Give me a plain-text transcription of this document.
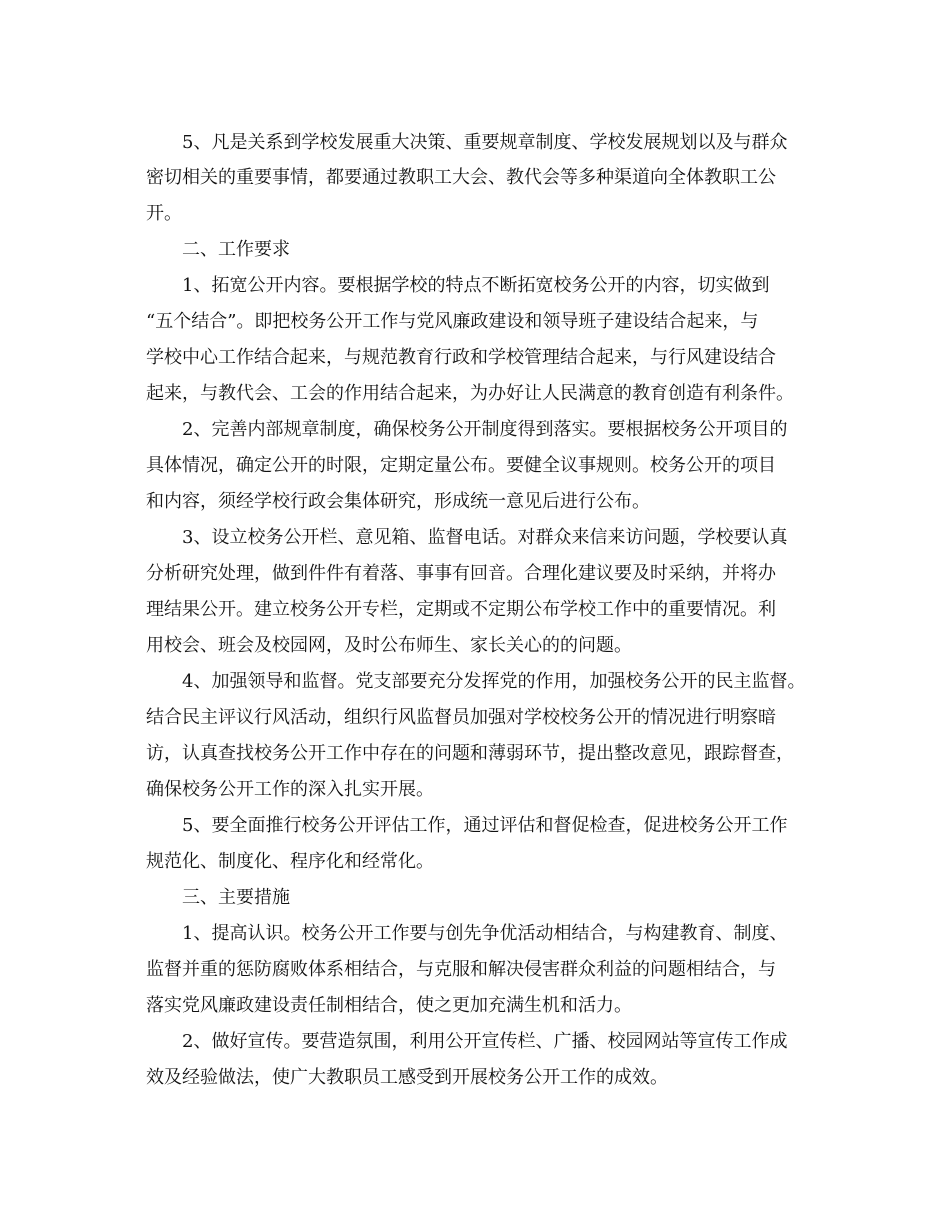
5、凡是关系到学校发展重大决策、重要规章制度、学校发展规划以及与群众
密切相关的重要事情，都要通过教职工大会、教代会等多种渠道向全体教职工公
开。
二、工作要求
1、拓宽公开内容。要根据学校的特点不断拓宽校务公开的内容，切实做到
“五个结合”。即把校务公开工作与党风廉政建设和领导班子建设结合起来，与
学校中心工作结合起来，与规范教育行政和学校管理结合起来，与行风建设结合
起来，与教代会、工会的作用结合起来，为办好让人民满意的教育创造有利条件。
2、完善内部规章制度，确保校务公开制度得到落实。要根据校务公开项目的
具体情况，确定公开的时限，定期定量公布。要健全议事规则。校务公开的项目
和内容，须经学校行政会集体研究，形成统一意见后进行公布。
3、设立校务公开栏、意见箱、监督电话。对群众来信来访问题，学校要认真
分析研究处理，做到件件有着落、事事有回音。合理化建议要及时采纳，并将办
理结果公开。建立校务公开专栏，定期或不定期公布学校工作中的重要情况。利
用校会、班会及校园网，及时公布师生、家长关心的的问题。
4、加强领导和监督。党支部要充分发挥党的作用，加强校务公开的民主监督。
结合民主评议行风活动，组织行风监督员加强对学校校务公开的情况进行明察暗
访，认真查找校务公开工作中存在的问题和薄弱环节，提出整改意见，跟踪督查，
确保校务公开工作的深入扎实开展。
5、要全面推行校务公开评估工作，通过评估和督促检查，促进校务公开工作
规范化、制度化、程序化和经常化。
三、主要措施
1、提高认识。校务公开工作要与创先争优活动相结合，与构建教育、制度、
监督并重的惩防腐败体系相结合，与克服和解决侵害群众利益的问题相结合，与
落实党风廉政建设责任制相结合，使之更加充满生机和活力。
2、做好宣传。要营造氛围，利用公开宣传栏、广播、校园网站等宣传工作成
效及经验做法，使广大教职员工感受到开展校务公开工作的成效。
